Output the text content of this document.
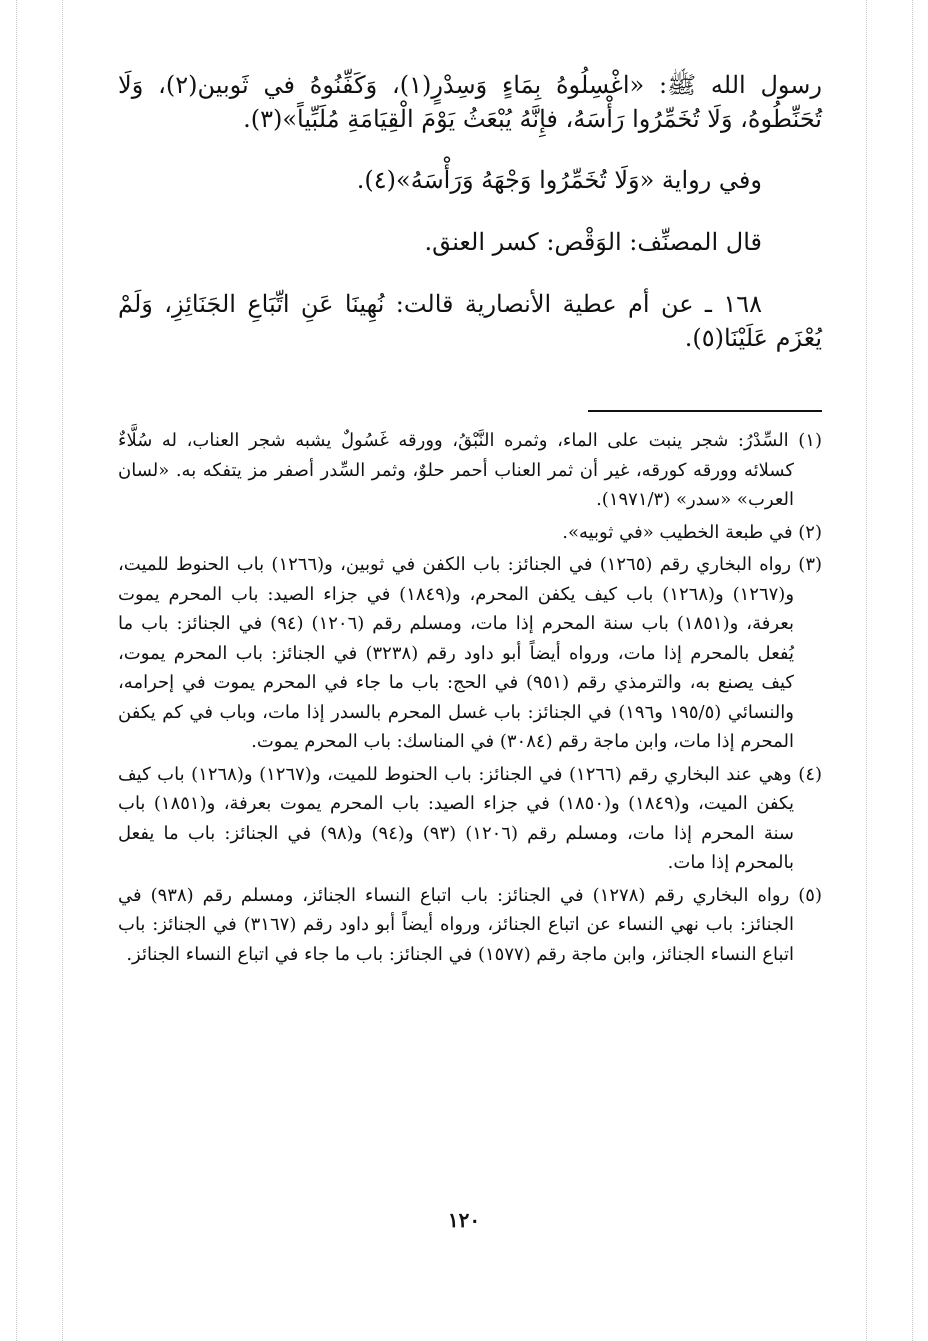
رسول الله ﷺ: «اغْسِلُوهُ بِمَاءٍ وَسِدْرٍ(١)، وَكَفِّنُوهُ في ثَوبين(٢)، وَلَا تُحَنِّطُوهُ، وَلَا تُخَمِّرُوا رَأْسَهُ، فإِنَّهُ يُبْعَثُ يَوْمَ الْقِيَامَةِ مُلَبِّياً»(٣).

وفي رواية «وَلَا تُخَمِّرُوا وَجْهَهُ وَرَأْسَهُ»(٤).

قال المصنِّف: الوَقْص: كسر العنق.

١٦٨ ـ عن أم عطية الأنصارية قالت: نُهِينَا عَنِ اتِّبَاعِ الجَنَائِزِ، وَلَمْ يُعْزَم عَلَيْنَا(٥).

(١) السِّدْرُ: شجر ينبت على الماء، وثمره النَّبْقُ، وورقه غَسُولٌ يشبه شجر العناب، له سُلَّاءٌ كسلائه وورقه كورقه، غير أن ثمر العناب أحمر حلوٌ، وثمر السِّدر أصفر مز يتفكه به. «لسان العرب» «سدر» (١٩٧١/٣).

(٢) في طبعة الخطيب «في ثوبيه».

(٣) رواه البخاري رقم (١٢٦٥) في الجنائز: باب الكفن في ثوبين، و(١٢٦٦) باب الحنوط للميت، و(١٢٦٧) و(١٢٦٨) باب كيف يكفن المحرم، و(١٨٤٩) في جزاء الصيد: باب المحرم يموت بعرفة، و(١٨٥١) باب سنة المحرم إذا مات، ومسلم رقم (١٢٠٦) (٩٤) في الجنائز: باب ما يُفعل بالمحرم إذا مات، ورواه أيضاً أبو داود رقم (٣٢٣٨) في الجنائز: باب المحرم يموت، كيف يصنع به، والترمذي رقم (٩٥١) في الحج: باب ما جاء في المحرم يموت في إحرامه، والنسائي (١٩٥/٥ و١٩٦) في الجنائز: باب غسل المحرم بالسدر إذا مات، وباب في كم يكفن المحرم إذا مات، وابن ماجة رقم (٣٠٨٤) في المناسك: باب المحرم يموت.

(٤) وهي عند البخاري رقم (١٢٦٦) في الجنائز: باب الحنوط للميت، و(١٢٦٧) و(١٢٦٨) باب كيف يكفن الميت، و(١٨٤٩) و(١٨٥٠) في جزاء الصيد: باب المحرم يموت بعرفة، و(١٨٥١) باب سنة المحرم إذا مات، ومسلم رقم (١٢٠٦) (٩٣) و(٩٤) و(٩٨) في الجنائز: باب ما يفعل بالمحرم إذا مات.

(٥) رواه البخاري رقم (١٢٧٨) في الجنائز: باب اتباع النساء الجنائز، ومسلم رقم (٩٣٨) في الجنائز: باب نهي النساء عن اتباع الجنائز، ورواه أيضاً أبو داود رقم (٣١٦٧) في الجنائز: باب اتباع النساء الجنائز، وابن ماجة رقم (١٥٧٧) في الجنائز: باب ما جاء في اتباع النساء الجنائز.

١٢٠
